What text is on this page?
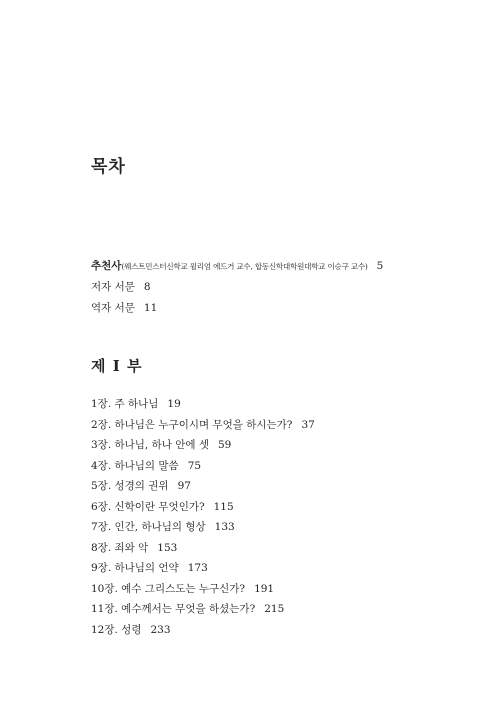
목차
추천사(웨스트민스터신학교 윌리엄 에드거 교수, 합동신학대학원대학교 이승구 교수) 5
저자 서문 8
역자 서문 11
제 I 부
1장. 주 하나님 19
2장. 하나님은 누구이시며 무엇을 하시는가? 37
3장. 하나님, 하나 안에 셋 59
4장. 하나님의 말씀 75
5장. 성경의 권위 97
6장. 신학이란 무엇인가? 115
7장. 인간, 하나님의 형상 133
8장. 죄와 악 153
9장. 하나님의 언약 173
10장. 예수 그리스도는 누구신가? 191
11장. 예수께서는 무엇을 하셨는가? 215
12장. 성령 233
